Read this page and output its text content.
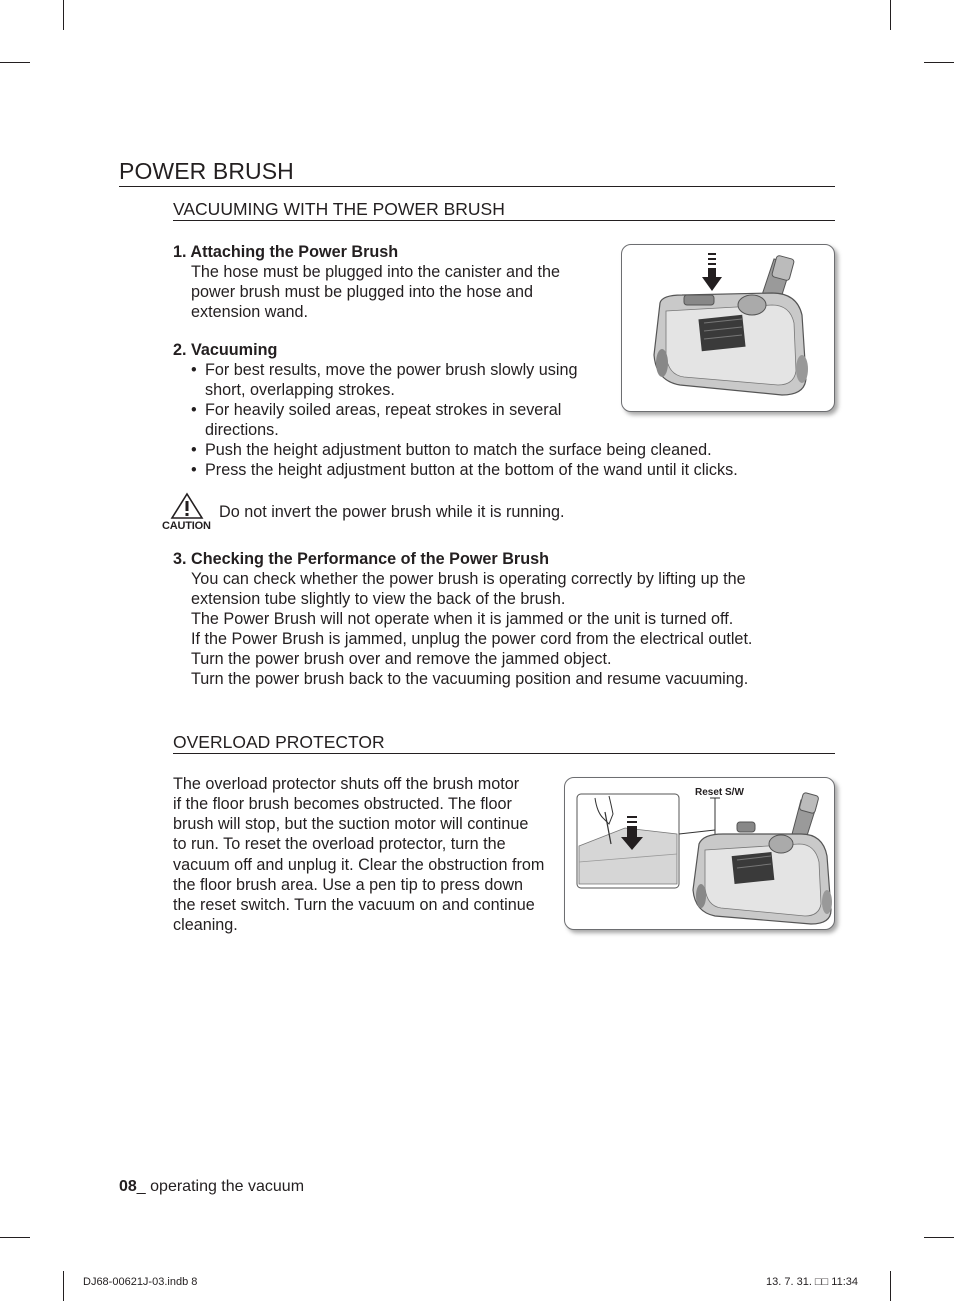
POWER BRUSH
VACUUMING WITH THE POWER BRUSH
1. Attaching the Power Brush
The hose must be plugged into the canister and the
power brush must be plugged into the hose and
extension wand.
2. Vacuuming
• For best results, move the power brush slowly using
short, overlapping strokes.
• For heavily soiled areas, repeat strokes in several
directions.
• Push the height adjustment button to match the surface being cleaned.
• Press the height adjustment button at the bottom of the wand until it clicks.
CAUTION
Do not invert the power brush while it is running.
3. Checking the Performance of the Power Brush
You can check whether the power brush is operating correctly by lifting up the
extension tube slightly to view the back of the brush.
The Power Brush will not operate when it is jammed or the unit is turned off.
If the Power Brush is jammed, unplug the power cord from the electrical outlet.
Turn the power brush over and remove the jammed object.
Turn the power brush back to the vacuuming position and resume vacuuming.
OVERLOAD PROTECTOR
The overload protector shuts off the brush motor
if the floor brush becomes obstructed. The floor
brush will stop, but the suction motor will continue
to run. To reset the overload protector, turn the
vacuum off and unplug it. Clear the obstruction from
the floor brush area. Use a pen tip to press down
the reset switch. Turn the vacuum on and continue
cleaning.
Reset S/W
08_ operating the vacuum
DJ68-00621J-03.indb 8	13. 7. 31. □□ 11:34
